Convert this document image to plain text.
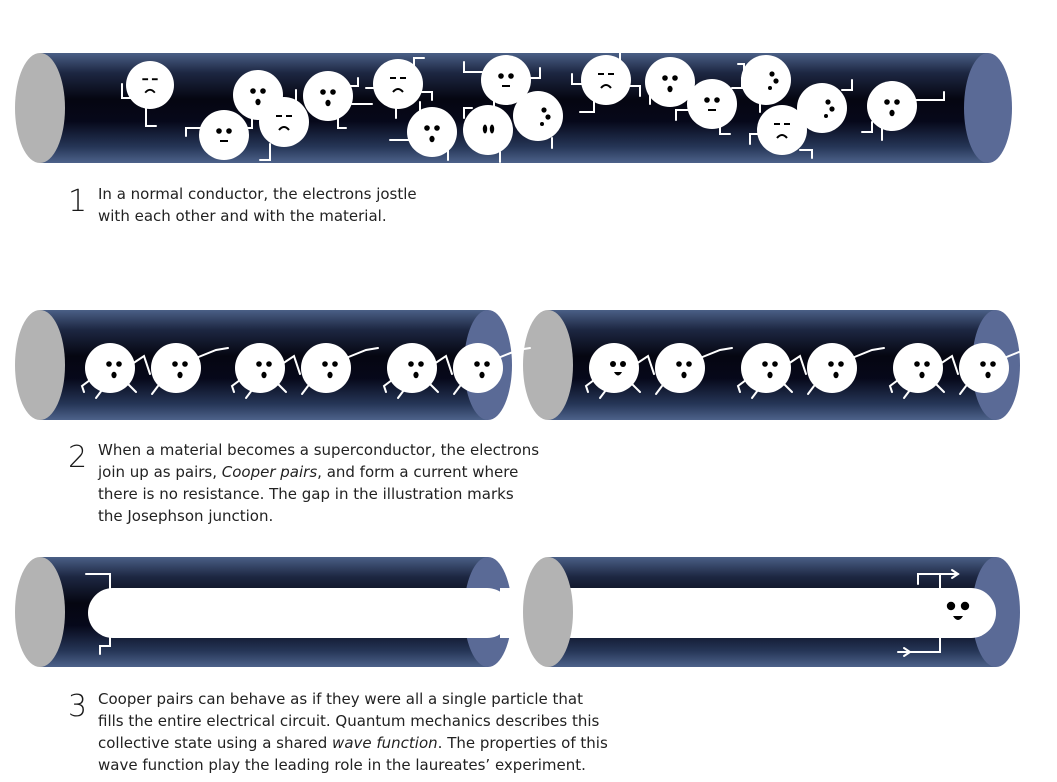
1 In a normal conductor, the electrons jostle

with each other and with the material.

2 When a material becomes a superconductor, the electrons

join up as pairs, Cooper pairs, and form a current where

there is no resistance. The gap in the illustration marks

the Josephson junction.

3 Cooper pairs can behave as if they were all a single particle that

fills the entire electrical circuit. Quantum mechanics describes this

collective state using a shared wave function. The properties of this

wave function play the leading role in the laureates’ experiment.
